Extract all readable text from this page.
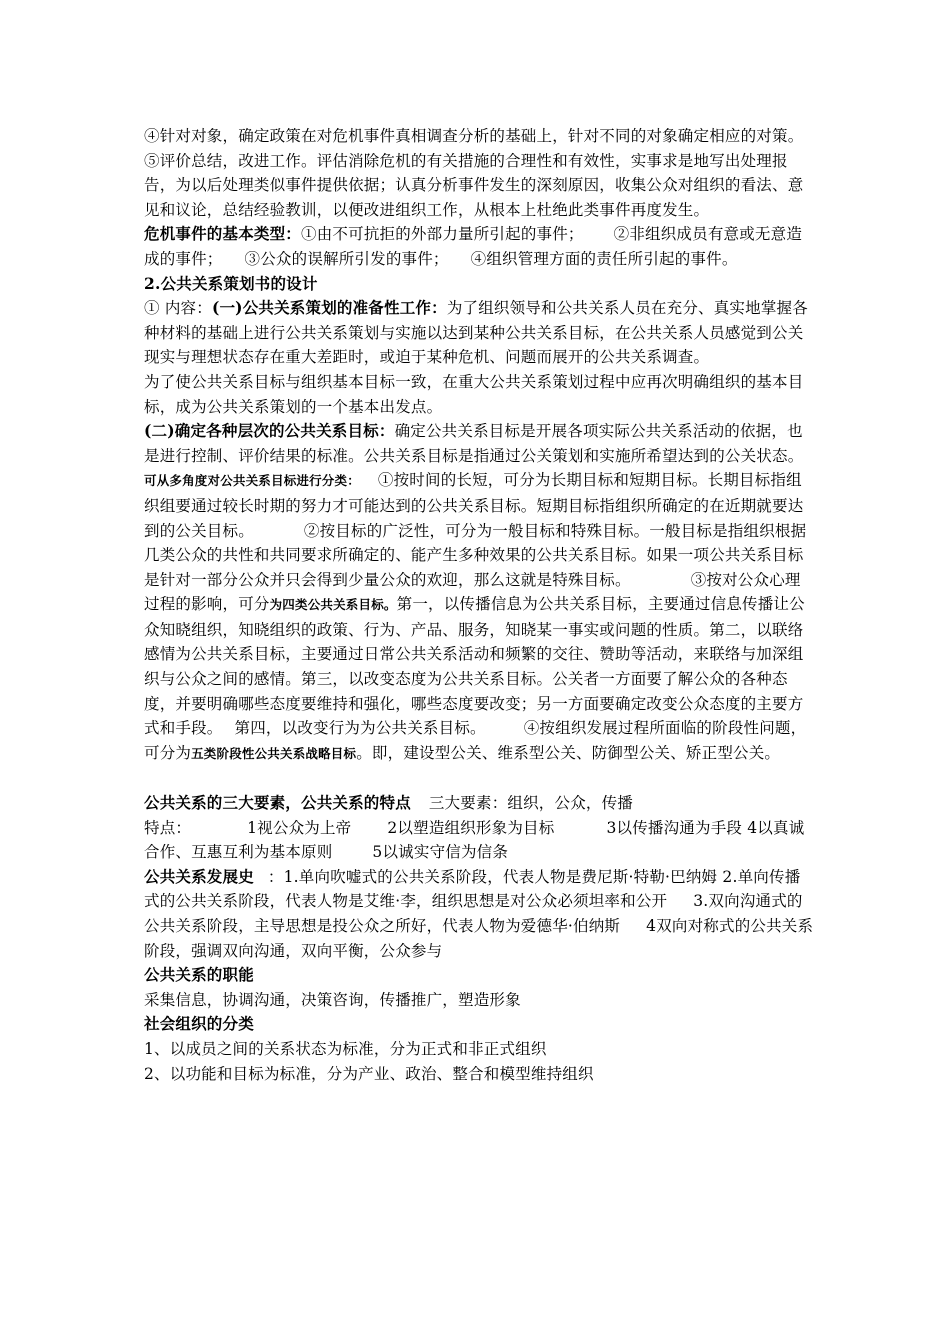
④针对对象，确定政策在对危机事件真相调查分析的基础上，针对不同的对象确定相应的对策。

⑤评价总结，改进工作。评估消除危机的有关措施的合理性和有效性，实事求是地写出处理报告，为以后处理类似事件提供依据；认真分析事件发生的深刻原因，收集公众对组织的看法、意见和议论，总结经验教训，以便改进组织工作，从根本上杜绝此类事件再度发生。

危机事件的基本类型：①由不可抗拒的外部力量所引起的事件； ②非组织成员有意或无意造成的事件； ③公众的误解所引发的事件； ④组织管理方面的责任所引起的事件。

2.公共关系策划书的设计

① 内容：(一)公共关系策划的准备性工作：为了组织领导和公共关系人员在充分、真实地掌握各种材料的基础上进行公共关系策划与实施以达到某种公共关系目标，在公共关系人员感觉到公关现实与理想状态存在重大差距时，或迫于某种危机、问题而展开的公共关系调查。

为了使公共关系目标与组织基本目标一致，在重大公共关系策划过程中应再次明确组织的基本目标，成为公共关系策划的一个基本出发点。

(二)确定各种层次的公共关系目标：确定公共关系目标是开展各项实际公共关系活动的依据，也是进行控制、评价结果的标准。公共关系目标是指通过公关策划和实施所希望达到的公关状态。可从多角度对公共关系目标进行分类： ①按时间的长短，可分为长期目标和短期目标。长期目标指组织组要通过较长时期的努力才可能达到的公共关系目标。短期目标指组织所确定的在近期就要达到的公关目标。	②按目标的广泛性，可分为一般目标和特殊目标。一般目标是指组织根据几类公众的共性和共同要求所确定的、能产生多种效果的公共关系目标。如果一项公共关系目标是针对一部分公众并只会得到少量公众的欢迎，那么这就是特殊目标。	③按对公众心理过程的影响，可分为四类公共关系目标。第一，以传播信息为公共关系目标，主要通过信息传播让公众知晓组织，知晓组织的政策、行为、产品、服务，知晓某一事实或问题的性质。第二，以联络感情为公共关系目标，主要通过日常公共关系活动和频繁的交往、赞助等活动，来联络与加深组织与公众之间的感情。第三，以改变态度为公共关系目标。公关者一方面要了解公众的各种态度，并要明确哪些态度要维持和强化，哪些态度要改变；另一方面要确定改变公众态度的主要方式和手段。 第四，以改变行为为公共关系目标。 ④按组织发展过程所面临的阶段性问题，可分为五类阶段性公共关系战略目标。即，建设型公关、维系型公关、防御型公关、矫正型公关。

公共关系的三大要素，公共关系的特点 三大要素：组织，公众，传播

特点：	1视公众为上帝 2以塑造组织形象为目标	3以传播沟通为手段 4以真诚合作、互惠互利为基本原则	5以诚实守信为信条

公共关系发展史 ：1.单向吹嘘式的公共关系阶段，代表人物是费尼斯·特勒·巴纳姆 2.单向传播式的公共关系阶段，代表人物是艾维·李，组织思想是对公众必须坦率和公开 3.双向沟通式的公共关系阶段，主导思想是投公众之所好，代表人物为爱德华·伯纳斯 4双向对称式的公共关系阶段，强调双向沟通，双向平衡，公众参与

公共关系的职能

采集信息，协调沟通，决策咨询，传播推广，塑造形象

社会组织的分类

1、以成员之间的关系状态为标准，分为正式和非正式组织

2、以功能和目标为标准，分为产业、政治、整合和模型维持组织
